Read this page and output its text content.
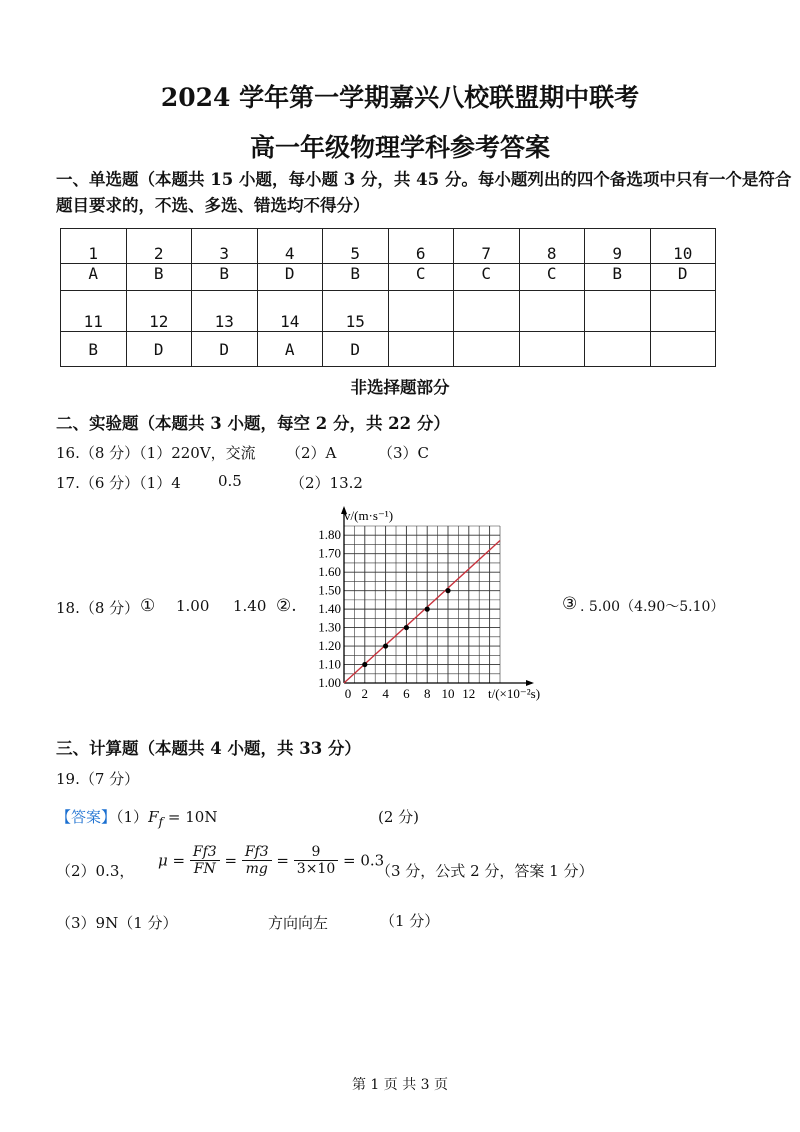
2024 学年第一学期嘉兴八校联盟期中联考
高一年级物理学科参考答案
一、单选题（本题共 15 小题，每小题 3 分，共 45 分。每小题列出的四个备选项中只有一个是符合
题目要求的，不选、多选、错选均不得分）
1	2	3	4	5	6	7	8	9	10
A	B	B	D	B	C	C	C	B	D
11	12	13	14	15					
B	D	D	A	D					
非选择题部分
二、实验题（本题共 3 小题，每空 2 分，共 22 分）
16.（8 分）（1）220V，交流 （2）A	（3）C
17.（6 分）（1）4 0.5	（2）13.2
18.（8 分） ① 1.00 1.40 ②.	③ . 5.00（4.90～5.10）
1.00
1.10
1.20
1.30
1.40
1.50
1.60
1.70
1.80
0 2 4 6 8 10 12
v/(m·s⁻¹)
t/(×10⁻²s)
三、计算题（本题共 4 小题，共 33 分）
19.（7 分）
【答案】$(1)F_f = 10N$	(2 分)
（2）0.3，
$\mu = \frac{Ff3}{FN} = \frac{Ff3}{mg} = \frac{9}{3\times 10} = 0.3$
（3 分，公式 2 分，答案 1 分）
（3）9N（1 分）	方向向左	（1 分）
第 1 页 共 3 页
